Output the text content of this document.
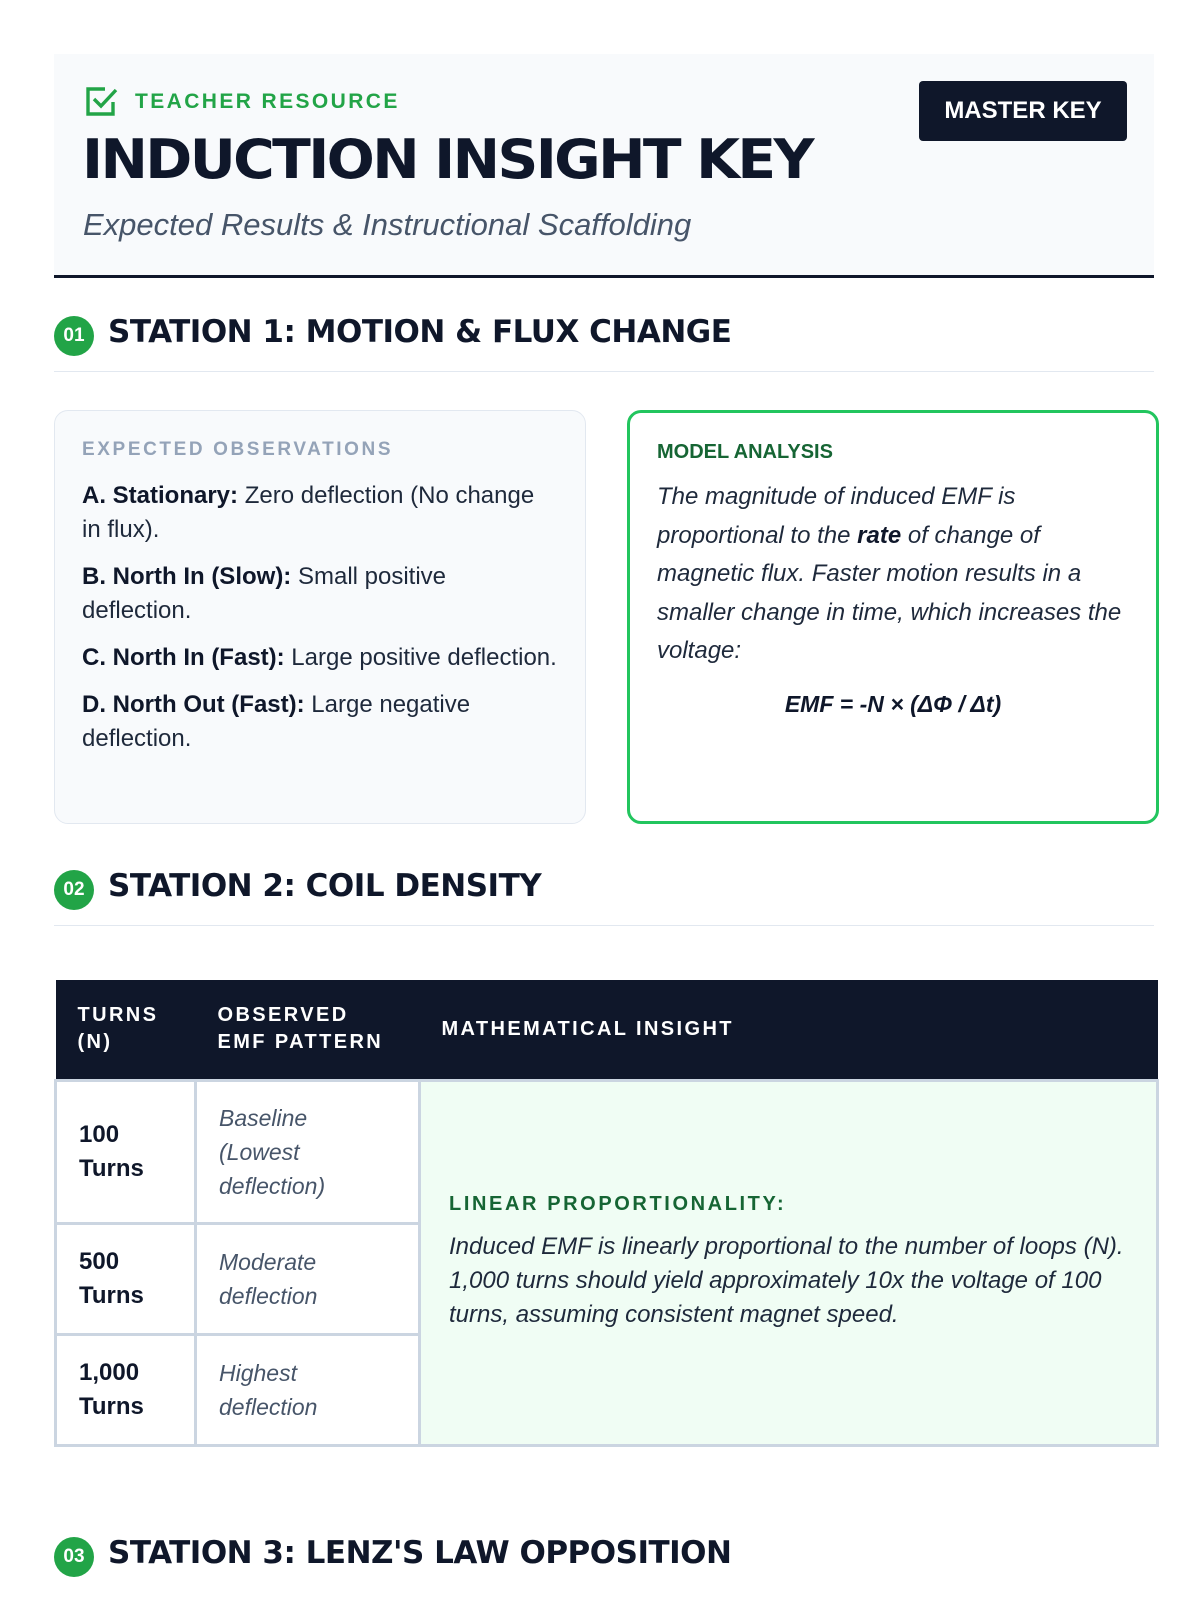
TEACHER RESOURCE
INDUCTION INSIGHT KEY

Expected Results & Instructional Scaffolding

MASTER KEY
01 STATION 1: MOTION & FLUX CHANGE
EXPECTED OBSERVATIONS
A. Stationary: Zero deflection (No change in flux).
B. North In (Slow): Small positive deflection.
C. North In (Fast): Large positive deflection.
D. North Out (Fast): Large negative deflection.
MODEL ANALYSIS

The magnitude of induced EMF is proportional to the rate of change of magnetic flux. Faster motion results in a smaller change in time, which increases the voltage:

EMF = -N × (ΔΦ / Δt)
02 STATION 2: COIL DENSITY
TURNS (N)	OBSERVED EMF PATTERN	MATHEMATICAL INSIGHT

100 Turns	Baseline (Lowest deflection)	LINEAR PROPORTIONALITY:

Induced EMF is linearly proportional to the number of loops (N). 1,000 turns should yield approximately 10x the voltage of 100 turns, assuming consistent magnet speed.

500 Turns	Moderate deflection	

1,000 Turns	Highest deflection	
03 STATION 3: LENZ'S LAW OPPOSITION
